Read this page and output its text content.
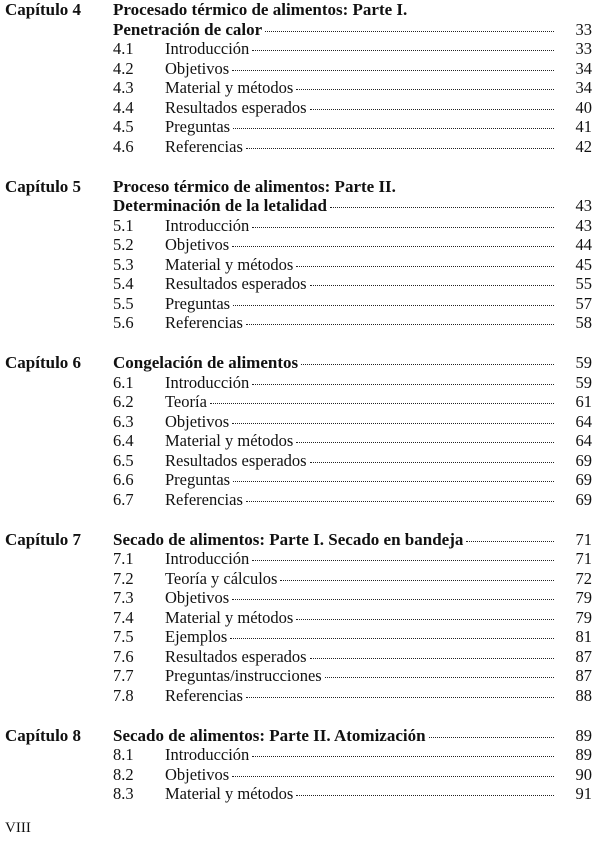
Capítulo 4	Procesado térmico de alimentos: Parte I.
Penetración de calor	33
4.1	Introducción	33
4.2	Objetivos	34
4.3	Material y métodos	34
4.4	Resultados esperados	40
4.5	Preguntas	41
4.6	Referencias	42
Capítulo 5	Proceso térmico de alimentos: Parte II.
Determinación de la letalidad	43
5.1	Introducción	43
5.2	Objetivos	44
5.3	Material y métodos	45
5.4	Resultados esperados	55
5.5	Preguntas	57
5.6	Referencias	58
Capítulo 6	Congelación de alimentos	59
6.1	Introducción	59
6.2	Teoría	61
6.3	Objetivos	64
6.4	Material y métodos	64
6.5	Resultados esperados	69
6.6	Preguntas	69
6.7	Referencias	69
Capítulo 7	Secado de alimentos: Parte I. Secado en bandeja	71
7.1	Introducción	71
7.2	Teoría y cálculos	72
7.3	Objetivos	79
7.4	Material y métodos	79
7.5	Ejemplos	81
7.6	Resultados esperados	87
7.7	Preguntas/instrucciones	87
7.8	Referencias	88
Capítulo 8	Secado de alimentos: Parte II. Atomización	89
8.1	Introducción	89
8.2	Objetivos	90
8.3	Material y métodos	91
VIII
